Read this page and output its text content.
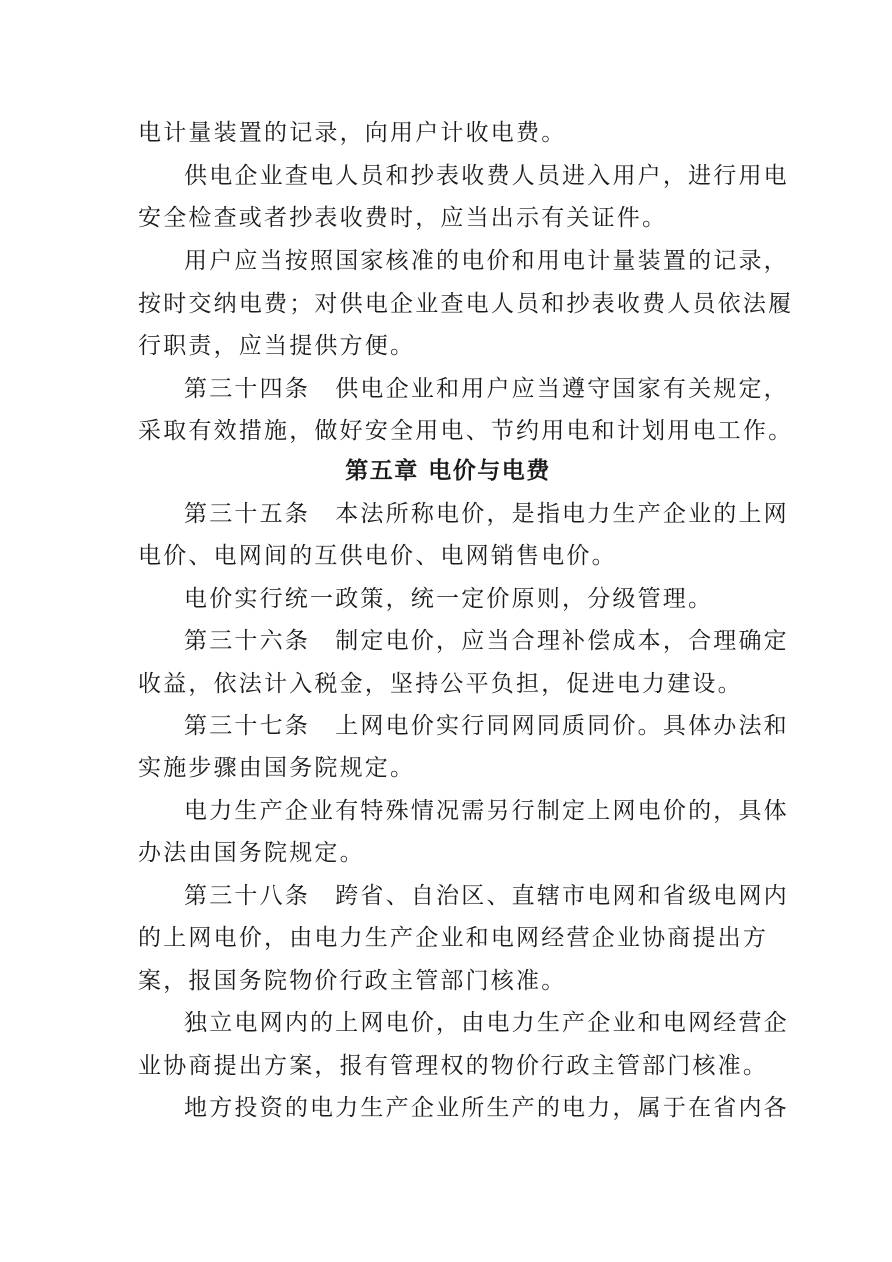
电计量装置的记录，向用户计收电费。
供 电 企 业 查 电 人 员 和 抄 表 收 费 人 员 进 入 用 户 ， 进 行 用 电
安全检查或者抄表收费时，应当出示有关证件。
用 户 应 当 按 照 国 家 核 准 的 电 价 和 用 电 计 量 装 置 的 记 录 ，
按 时 交 纳 电 费 ； 对 供 电 企 业 查 电 人 员 和 抄 表 收 费 人 员 依 法 履
行职责，应当提供方便。
第 三 十 四 条
　 供 电 企 业 和 用 户 应 当 遵 守 国 家 有 关 规 定 ，
采 取 有 效 措 施 ， 做 好 安 全 用 电 、 节 约 用 电 和 计 划 用 电 工 作 。
第五章 电价与电费
第 三 十 五 条
　 本 法 所 称 电 价 ， 是 指 电 力 生 产 企 业 的 上 网
电价、电网间的互供电价、电网销售电价。
电价实行统一政策，统一定价原则，分级管理。
第 三 十 六 条
　 制 定 电 价 ， 应 当 合 理 补 偿 成 本 ， 合 理 确 定
收益，依法计入税金，坚持公平负担，促进电力建设。
第 三 十 七 条
　 上 网 电 价 实 行 同 网 同 质 同 价 。 具 体 办 法 和
实施步骤由国务院规定。
电 力 生 产 企 业 有 特 殊 情 况 需 另 行 制 定 上 网 电 价 的 ， 具 体
办法由国务院规定。
第 三 十 八 条
　 跨 省 、 自 治 区 、 直 辖 市 电 网 和 省 级 电 网 内
的 上 网 电 价 ， 由 电 力 生 产 企 业 和 电 网 经 营 企 业 协 商 提 出 方
案，报国务院物价行政主管部门核准。
独 立 电 网 内 的 上 网 电 价 ， 由 电 力 生 产 企 业 和 电 网 经 营 企
业 协 商 提 出 方 案 ， 报 有 管 理 权 的 物 价 行 政 主 管 部 门 核 准 。
地 方 投 资 的 电 力 生 产 企 业 所 生 产 的 电 力 ， 属 于 在 省 内 各
